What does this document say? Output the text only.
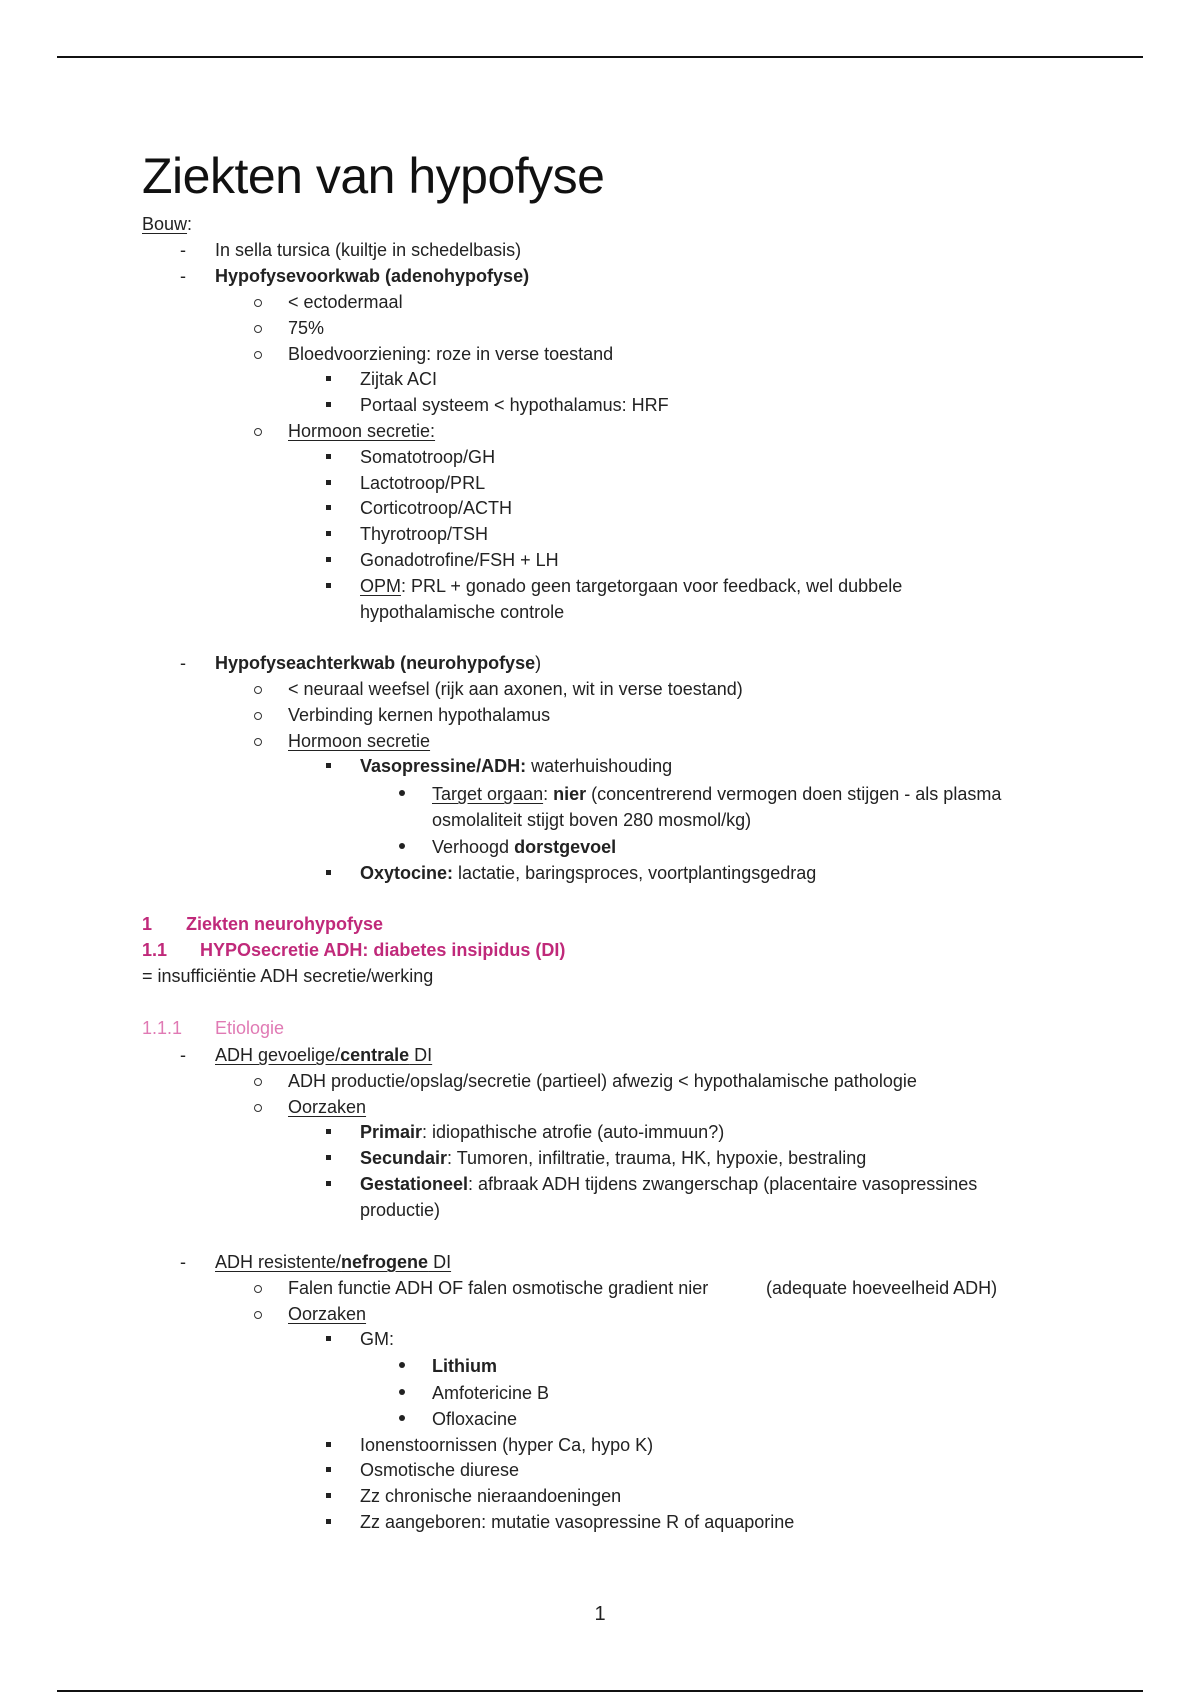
Ziekten van hypofyse
Bouw:
- In sella tursica (kuiltje in schedelbasis)
- Hypofysevoorkwab (adenohypofyse)
< ectodermaal
75%
Bloedvoorziening: roze in verse toestand
Zijtak ACI
Portaal systeem < hypothalamus: HRF
Hormoon secretie:
Somatotroop/GH
Lactotroop/PRL
Corticotroop/ACTH
Thyrotroop/TSH
Gonadotrofine/FSH + LH
OPM: PRL + gonado geen targetorgaan voor feedback, wel dubbele
hypothalamische controle
- Hypofyseachterkwab (neurohypofyse)
< neuraal weefsel (rijk aan axonen, wit in verse toestand)
Verbinding kernen hypothalamus
Hormoon secretie
Vasopressine/ADH: waterhuishouding
Target orgaan: nier (concentrerend vermogen doen stijgen - als plasma
osmolaliteit stijgt boven 280 mosmol/kg)
Verhoogd dorstgevoel
Oxytocine: lactatie, baringsproces, voortplantingsgedrag
1 Ziekten neurohypofyse
1.1 HYPOsecretie ADH: diabetes insipidus (DI)
= insufficiëntie ADH secretie/werking
1.1.1 Etiologie
- ADH gevoelige/centrale DI
ADH productie/opslag/secretie (partieel) afwezig < hypothalamische pathologie
Oorzaken
Primair: idiopathische atrofie (auto-immuun?)
Secundair: Tumoren, infiltratie, trauma, HK, hypoxie, bestraling
Gestationeel: afbraak ADH tijdens zwangerschap (placentaire vasopressines
productie)
- ADH resistente/nefrogene DI
Falen functie ADH OF falen osmotische gradient nier	(adequate hoeveelheid ADH)
Oorzaken
GM:
Lithium
Amfotericine B
Ofloxacine
Ionenstoornissen (hyper Ca, hypo K)
Osmotische diurese
Zz chronische nieraandoeningen
Zz aangeboren: mutatie vasopressine R of aquaporine
1
